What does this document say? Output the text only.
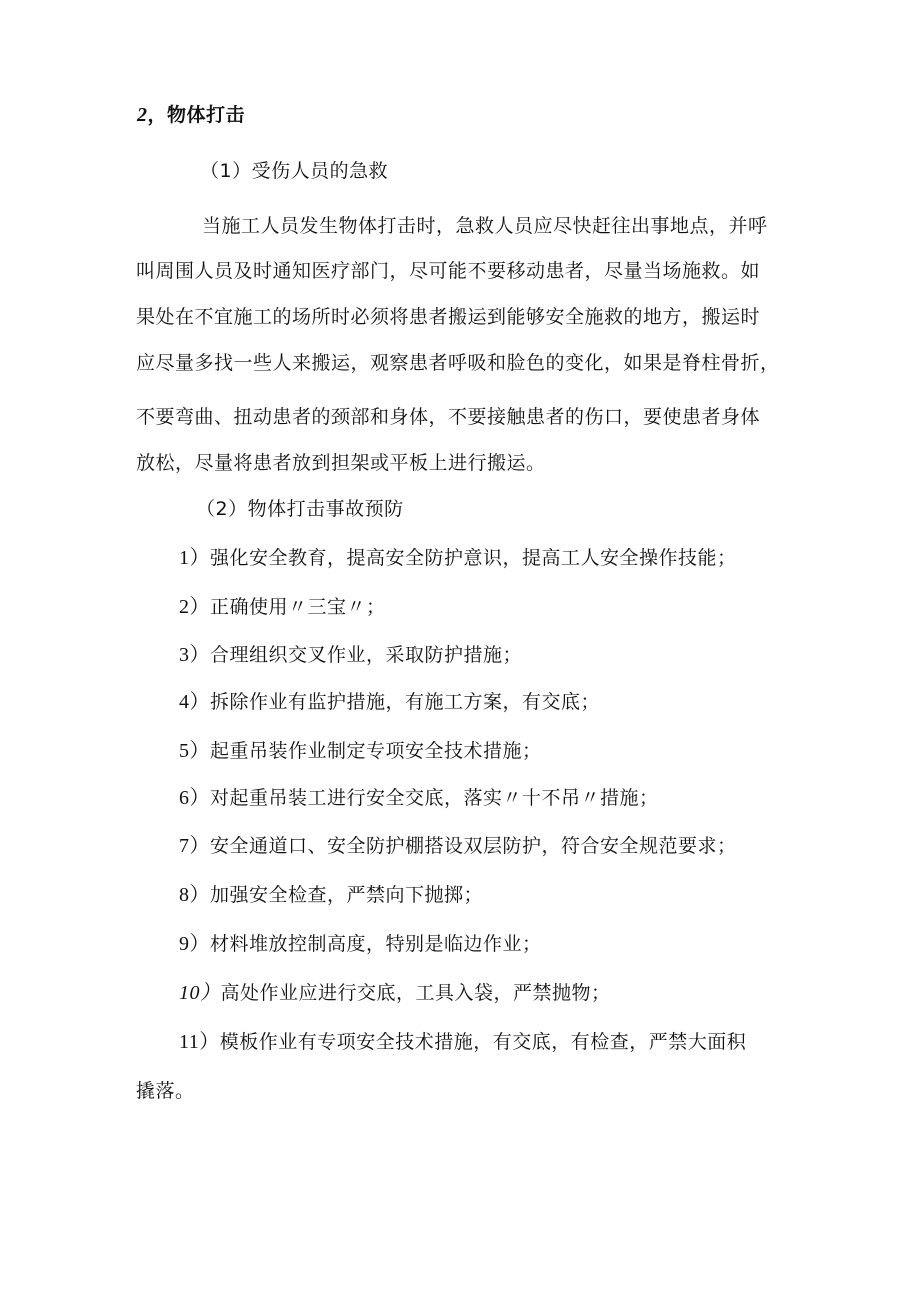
2，物体打击
（1）受伤人员的急救
当施工人员发生物体打击时，急救人员应尽快赶往出事地点，并呼
叫周围人员及时通知医疗部门，尽可能不要移动患者，尽量当场施救。如
果处在不宜施工的场所时必须将患者搬运到能够安全施救的地方，搬运时
应尽量多找一些人来搬运，观察患者呼吸和脸色的变化，如果是脊柱骨折，
不要弯曲、扭动患者的颈部和身体，不要接触患者的伤口，要使患者身体
放松，尽量将患者放到担架或平板上进行搬运。
（2）物体打击事故预防
1）强化安全教育，提高安全防护意识，提高工人安全操作技能；
2）正确使用〃三宝〃；
3）合理组织交叉作业，采取防护措施；
4）拆除作业有监护措施，有施工方案，有交底；
5）起重吊装作业制定专项安全技术措施；
6）对起重吊装工进行安全交底，落实〃十不吊〃措施；
7）安全通道口、安全防护棚搭设双层防护，符合安全规范要求；
8）加强安全检查，严禁向下抛掷；
9）材料堆放控制高度，特别是临边作业；
10）高处作业应进行交底，工具入袋，严禁抛物；
11）模板作业有专项安全技术措施，有交底，有检查，严禁大面积
撬落。
